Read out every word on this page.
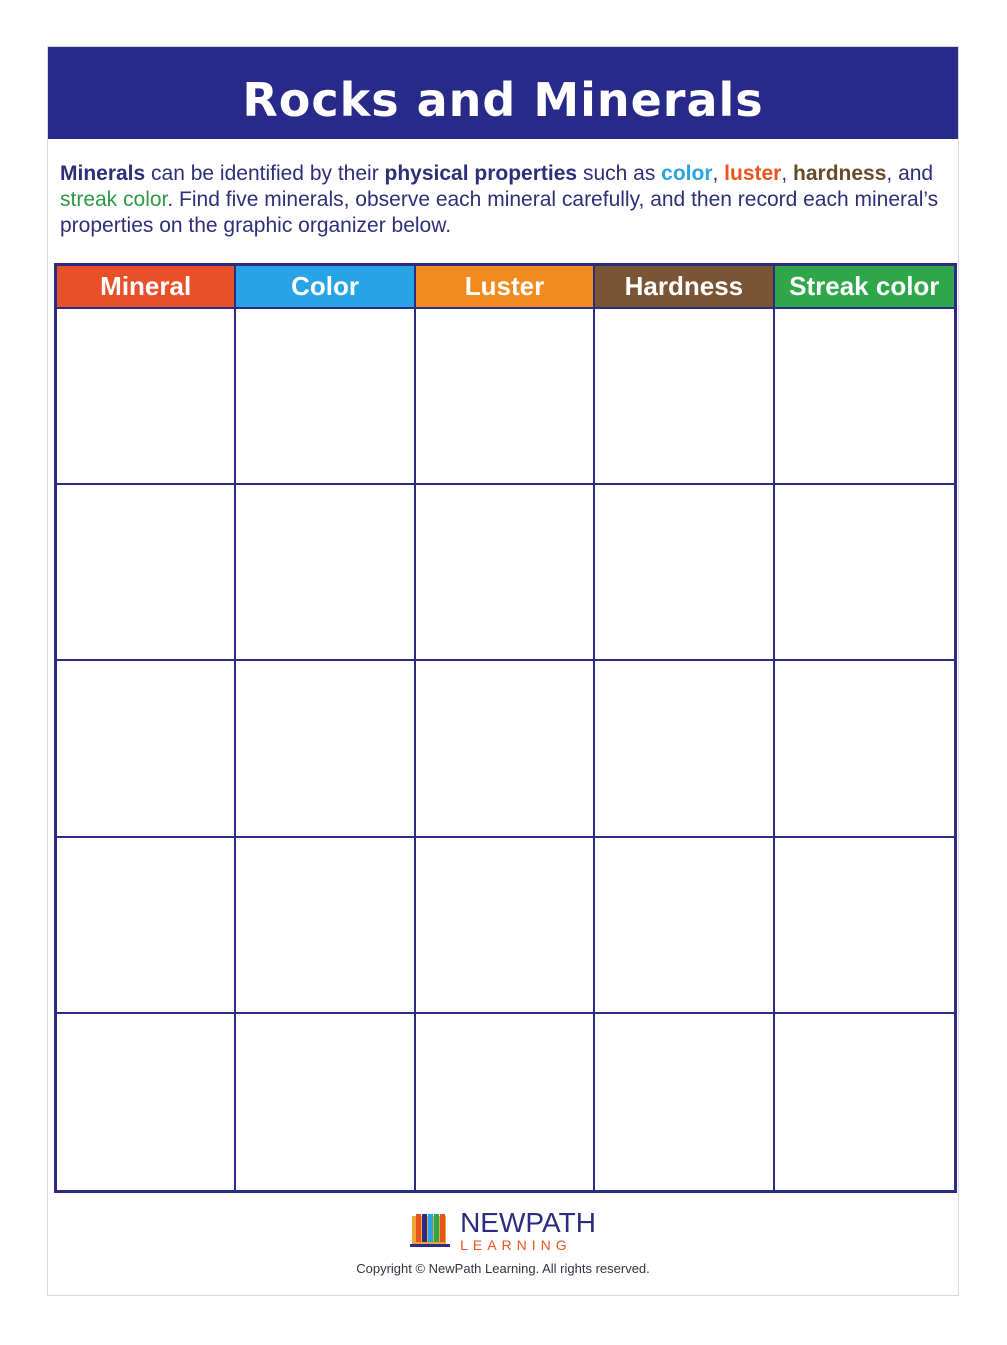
Rocks and Minerals

Minerals can be identified by their physical properties such as color, luster, hardness, and streak color. Find five minerals, observe each mineral carefully, and then record each mineral’s properties on the graphic organizer below.

Mineral	Color	Luster	Hardness	Streak color
NEWPATH
LEARNING
Copyright © NewPath Learning. All rights reserved.
